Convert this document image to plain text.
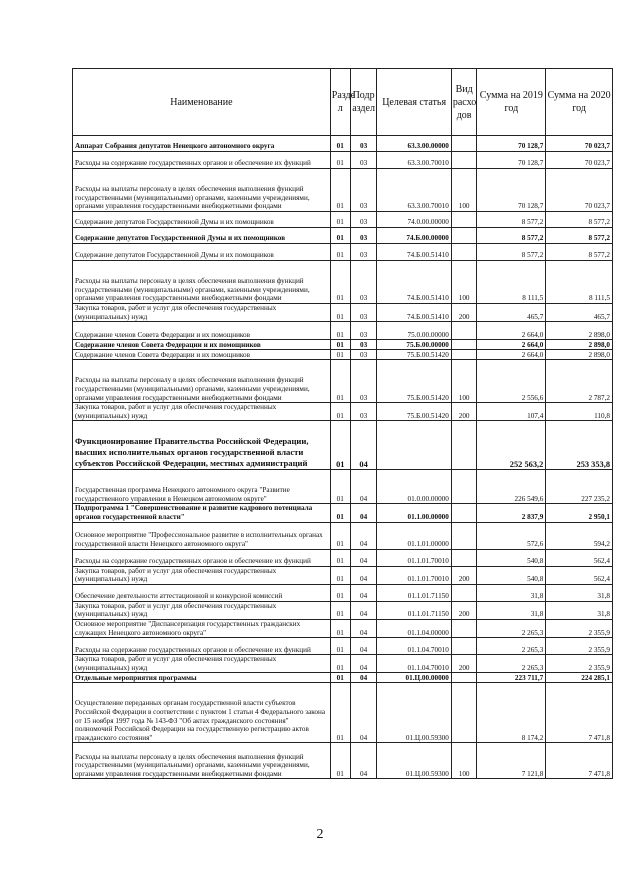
Наименование	Разде л	Подр аздел	Целевая статья	Вид расхо дов	Сумма на 2019 год	Сумма на 2020 год
Аппарат Собрания депутатов Ненецкого автономного округа	01	03	63.3.00.00000		70 128,7	70 023,7
Расходы на содержание государственных органов и обеспечение их функций	01	03	63.3.00.70010		70 128,7	70 023,7
Расходы на выплаты персоналу в целях обеспечения выполнения функций государственными (муниципальными) органами, казенными учреждениями, органами управления государственными внебюджетными фондами	01	03	63.3.00.70010	100	70 128,7	70 023,7
Содержание депутатов Государственной Думы и их помощников	01	03	74.0.00.00000		8 577,2	8 577,2
Содержание депутатов Государственной Думы и их помощников	01	03	74.Б.00.00000		8 577,2	8 577,2
Содержание депутатов Государственной Думы и их помощников	01	03	74.Б.00.51410		8 577,2	8 577,2
Расходы на выплаты персоналу в целях обеспечения выполнения функций государственными (муниципальными) органами, казенными учреждениями, органами управления государственными внебюджетными фондами	01	03	74.Б.00.51410	100	8 111,5	8 111,5
Закупка товаров, работ и услуг для обеспечения государственных (муниципальных) нужд	01	03	74.Б.00.51410	200	465,7	465,7
Содержание членов Совета Федерации и их помощников	01	03	75.0.00.00000		2 664,0	2 898,0
Содержание членов Совета Федерации и их помощников	01	03	75.Б.00.00000		2 664,0	2 898,0
Содержание членов Совета Федерации и их помощников	01	03	75.Б.00.51420		2 664,0	2 898,0
Расходы на выплаты персоналу в целях обеспечения выполнения функций государственными (муниципальными) органами, казенными учреждениями, органами управления государственными внебюджетными фондами	01	03	75.Б.00.51420	100	2 556,6	2 787,2
Закупка товаров, работ и услуг для обеспечения государственных (муниципальных) нужд	01	03	75.Б.00.51420	200	107,4	110,8
Функционирование Правительства Российской Федерации, высших исполнительных органов государственной власти субъектов Российской Федерации, местных администраций	01	04			252 563,2	253 353,8
Государственная программа Ненецкого автономного округа "Развитие государственного управления в Ненецком автономном округе"	01	04	01.0.00.00000		226 549,6	227 235,2
Подпрограмма 1 "Совершенствование и развитие кадрового потенциала органов государственной власти"	01	04	01.1.00.00000		2 837,9	2 950,1
Основное мероприятие "Профессиональное развитие в исполнительных органах государственной власти Ненецкого автономного округа"	01	04	01.1.01.00000		572,6	594,2
Расходы на содержание государственных органов и обеспечение их функций	01	04	01.1.01.70010		540,8	562,4
Закупка товаров, работ и услуг для обеспечения государственных (муниципальных) нужд	01	04	01.1.01.70010	200	540,8	562,4
Обеспечение деятельности аттестационной и конкурсной комиссий	01	04	01.1.01.71150		31,8	31,8
Закупка товаров, работ и услуг для обеспечения государственных (муниципальных) нужд	01	04	01.1.01.71150	200	31,8	31,8
Основное мероприятие "Диспансеризация государственных гражданских служащих Ненецкого автономного округа"	01	04	01.1.04.00000		2 265,3	2 355,9
Расходы на содержание государственных органов и обеспечение их функций	01	04	01.1.04.70010		2 265,3	2 355,9
Закупка товаров, работ и услуг для обеспечения государственных (муниципальных) нужд	01	04	01.1.04.70010	200	2 265,3	2 355,9
Отдельные мероприятия программы	01	04	01.Ц.00.00000		223 711,7	224 285,1
Осуществление переданных органам государственной власти субъектов Российской Федерации в соответствии с пунктом 1 статьи 4 Федерального закона от 15 ноября 1997 года № 143-ФЗ "Об актах гражданского состояния" полномочий Российской Федерации на государственную регистрацию актов гражданского состояния"	01	04	01.Ц.00.59300		8 174,2	7 471,8
Расходы на выплаты персоналу в целях обеспечения выполнения функций государственными (муниципальными) органами, казенными учреждениями, органами управления государственными внебюджетными фондами	01	04	01.Ц.00.59300	100	7 121,8	7 471,8
2
